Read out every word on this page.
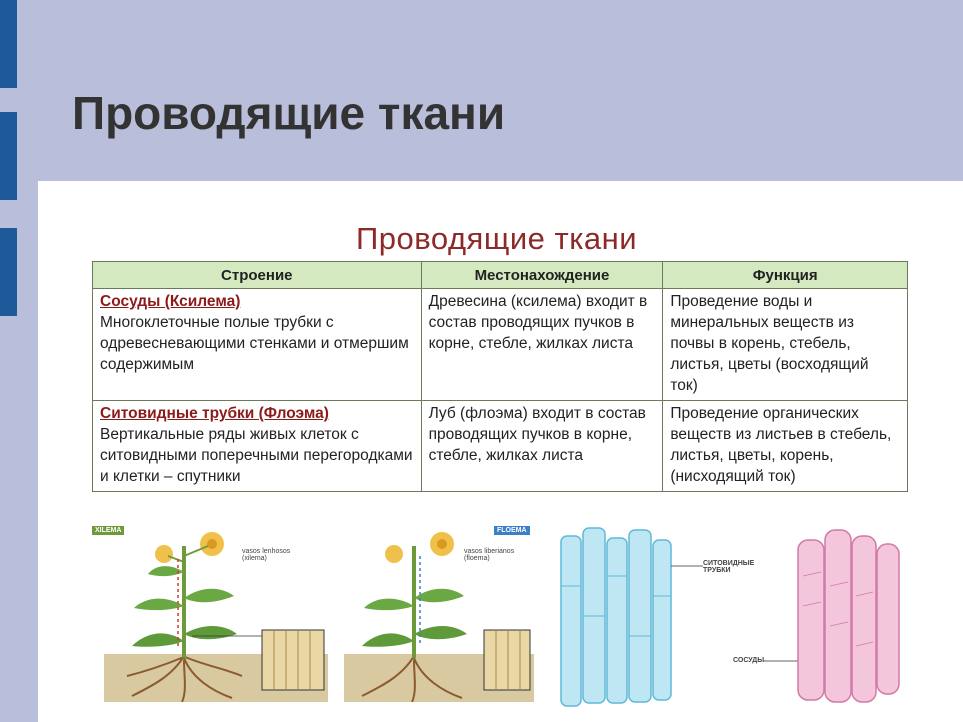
Проводящие ткани
Проводящие ткани
Строение	Местонахождение	Функция

Сосуды (Ксилема)
Многоклеточные полые трубки с одревесневающими стенками и отмершим содержимым	Древесина (ксилема) входит в состав проводящих пучков в корне, стебле, жилках листа	Проведение воды и минеральных веществ из почвы в корень, стебель, листья, цветы (восходящий ток)

Ситовидные трубки (Флоэма)
Вертикальные ряды живых клеток с ситовидными поперечными перегородками и клетки – спутники	Луб (флоэма) входит в состав проводящих пучков в корне, стебле, жилках листа	Проведение органических веществ из листьев в стебель, листья, цветы, корень, (нисходящий ток)
XILEMA
vasos lenhosos (xilema)
FLOEMA
vasos liberianos (floema)
СИТОВИДНЫЕ ТРУБКИ
СОСУДЫ
